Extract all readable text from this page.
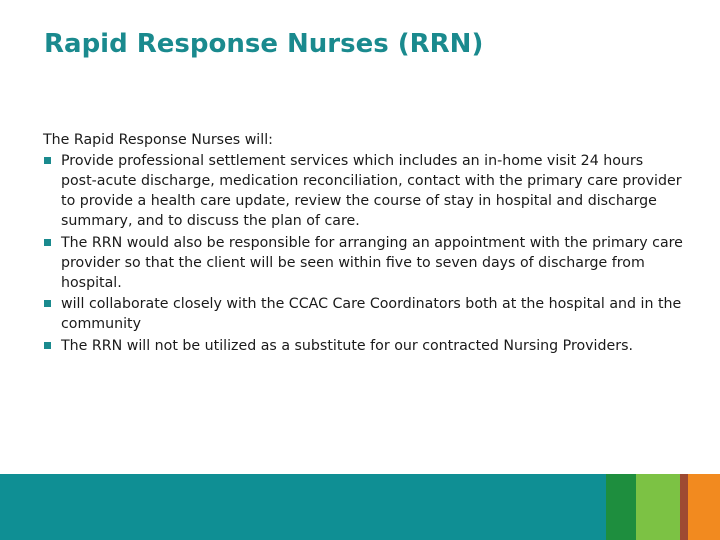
Rapid Response Nurses (RRN)

The Rapid Response Nurses will:

Provide professional settlement services which includes an in-home visit 24 hours post-acute discharge, medication reconciliation, contact with the primary care provider to provide a health care update, review the course of stay in hospital and discharge summary, and to discuss the plan of care.
The RRN would also be responsible for arranging an appointment with the primary care provider so that the client will be seen within five to seven days of discharge from hospital.
will collaborate closely with the CCAC Care Coordinators both at the hospital and in the community
The RRN will not be utilized as a substitute for our contracted Nursing Providers.
